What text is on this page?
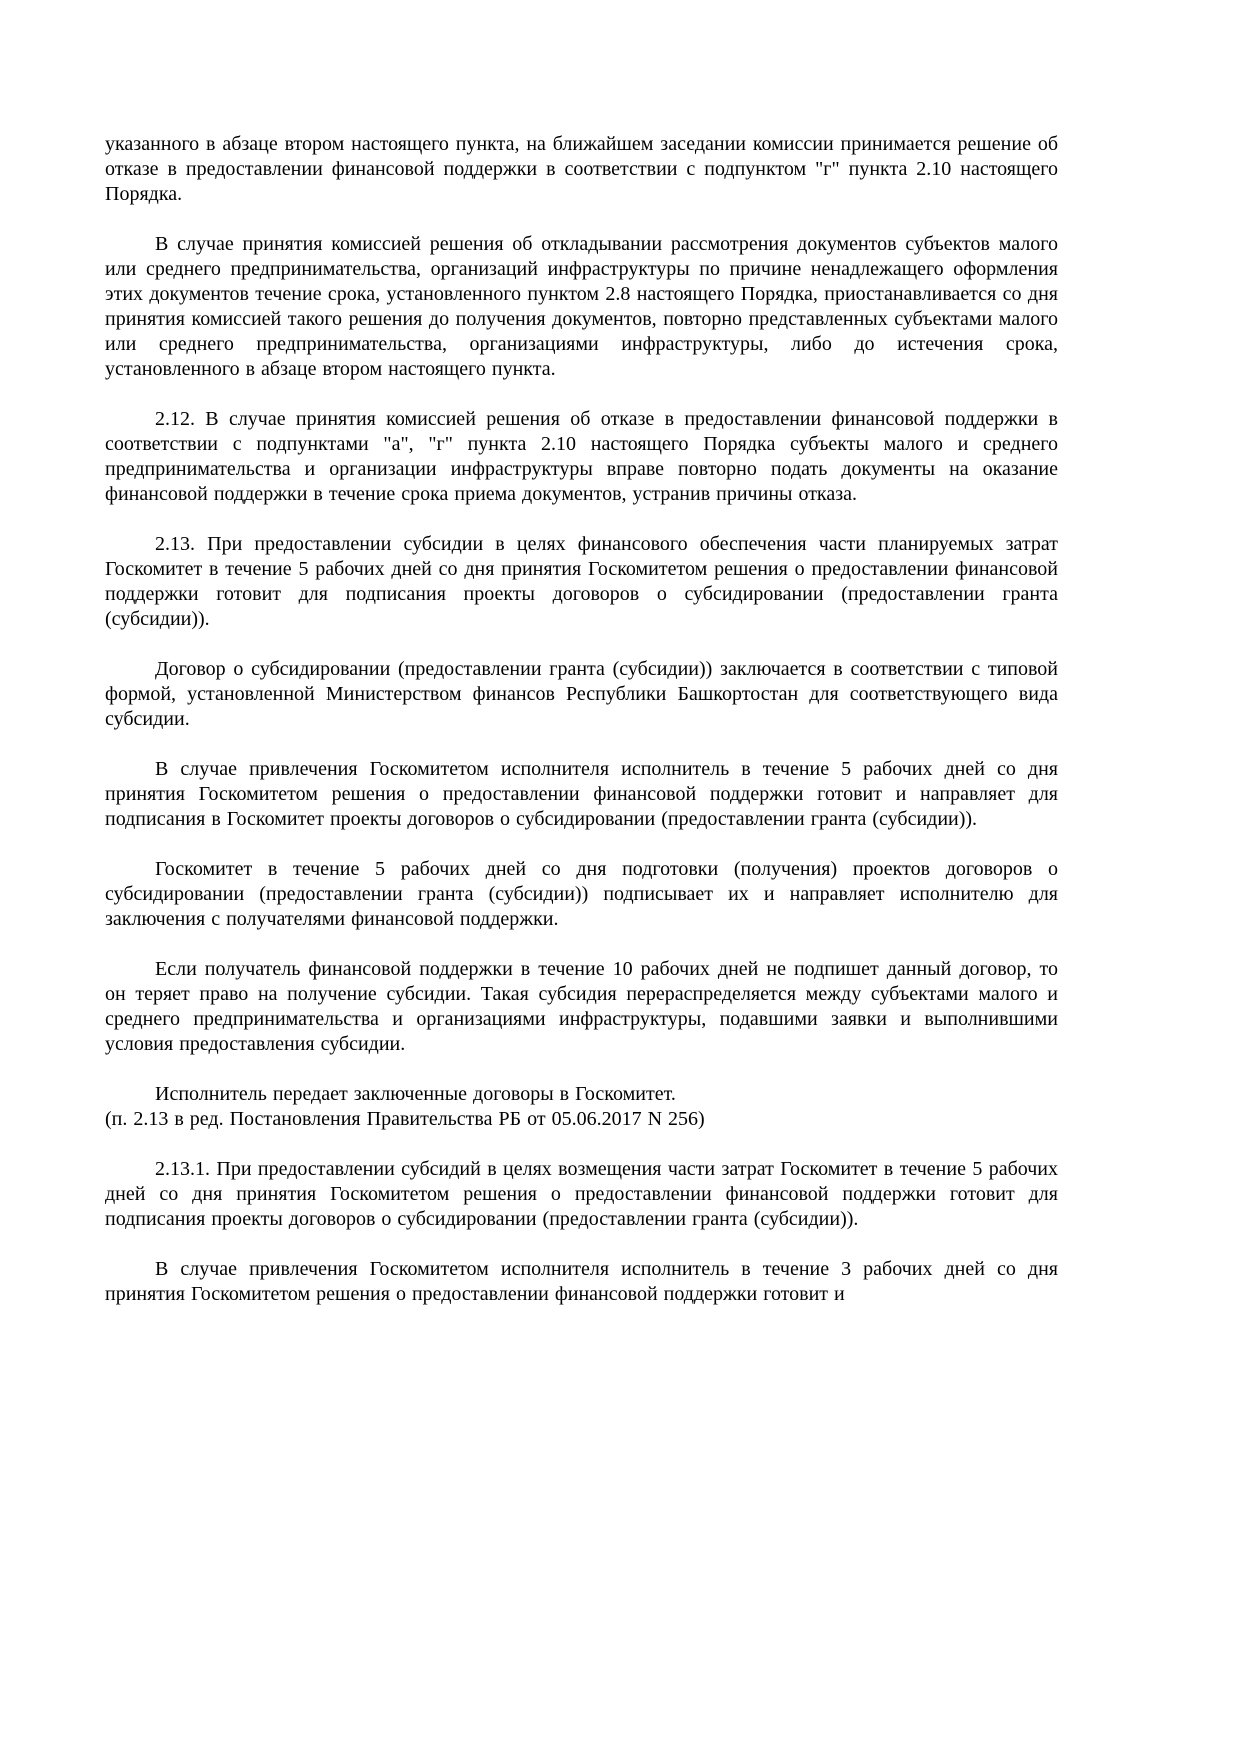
указанного в абзаце втором настоящего пункта, на ближайшем заседании комиссии принимается решение об отказе в предоставлении финансовой поддержки в соответствии с подпунктом "г" пункта 2.10 настоящего Порядка.

В случае принятия комиссией решения об откладывании рассмотрения документов субъектов малого или среднего предпринимательства, организаций инфраструктуры по причине ненадлежащего оформления этих документов течение срока, установленного пунктом 2.8 настоящего Порядка, приостанавливается со дня принятия комиссией такого решения до получения документов, повторно представленных субъектами малого или среднего предпринимательства, организациями инфраструктуры, либо до истечения срока, установленного в абзаце втором настоящего пункта.

2.12. В случае принятия комиссией решения об отказе в предоставлении финансовой поддержки в соответствии с подпунктами "а", "г" пункта 2.10 настоящего Порядка субъекты малого и среднего предпринимательства и организации инфраструктуры вправе повторно подать документы на оказание финансовой поддержки в течение срока приема документов, устранив причины отказа.

2.13. При предоставлении субсидии в целях финансового обеспечения части планируемых затрат Госкомитет в течение 5 рабочих дней со дня принятия Госкомитетом решения о предоставлении финансовой поддержки готовит для подписания проекты договоров о субсидировании (предоставлении гранта (субсидии)).

Договор о субсидировании (предоставлении гранта (субсидии)) заключается в соответствии с типовой формой, установленной Министерством финансов Республики Башкортостан для соответствующего вида субсидии.

В случае привлечения Госкомитетом исполнителя исполнитель в течение 5 рабочих дней со дня принятия Госкомитетом решения о предоставлении финансовой поддержки готовит и направляет для подписания в Госкомитет проекты договоров о субсидировании (предоставлении гранта (субсидии)).

Госкомитет в течение 5 рабочих дней со дня подготовки (получения) проектов договоров о субсидировании (предоставлении гранта (субсидии)) подписывает их и направляет исполнителю для заключения с получателями финансовой поддержки.

Если получатель финансовой поддержки в течение 10 рабочих дней не подпишет данный договор, то он теряет право на получение субсидии. Такая субсидия перераспределяется между субъектами малого и среднего предпринимательства и организациями инфраструктуры, подавшими заявки и выполнившими условия предоставления субсидии.

Исполнитель передает заключенные договоры в Госкомитет.

(п. 2.13 в ред. Постановления Правительства РБ от 05.06.2017 N 256)

2.13.1. При предоставлении субсидий в целях возмещения части затрат Госкомитет в течение 5 рабочих дней со дня принятия Госкомитетом решения о предоставлении финансовой поддержки готовит для подписания проекты договоров о субсидировании (предоставлении гранта (субсидии)).

В случае привлечения Госкомитетом исполнителя исполнитель в течение 3 рабочих дней со дня принятия Госкомитетом решения о предоставлении финансовой поддержки готовит и
